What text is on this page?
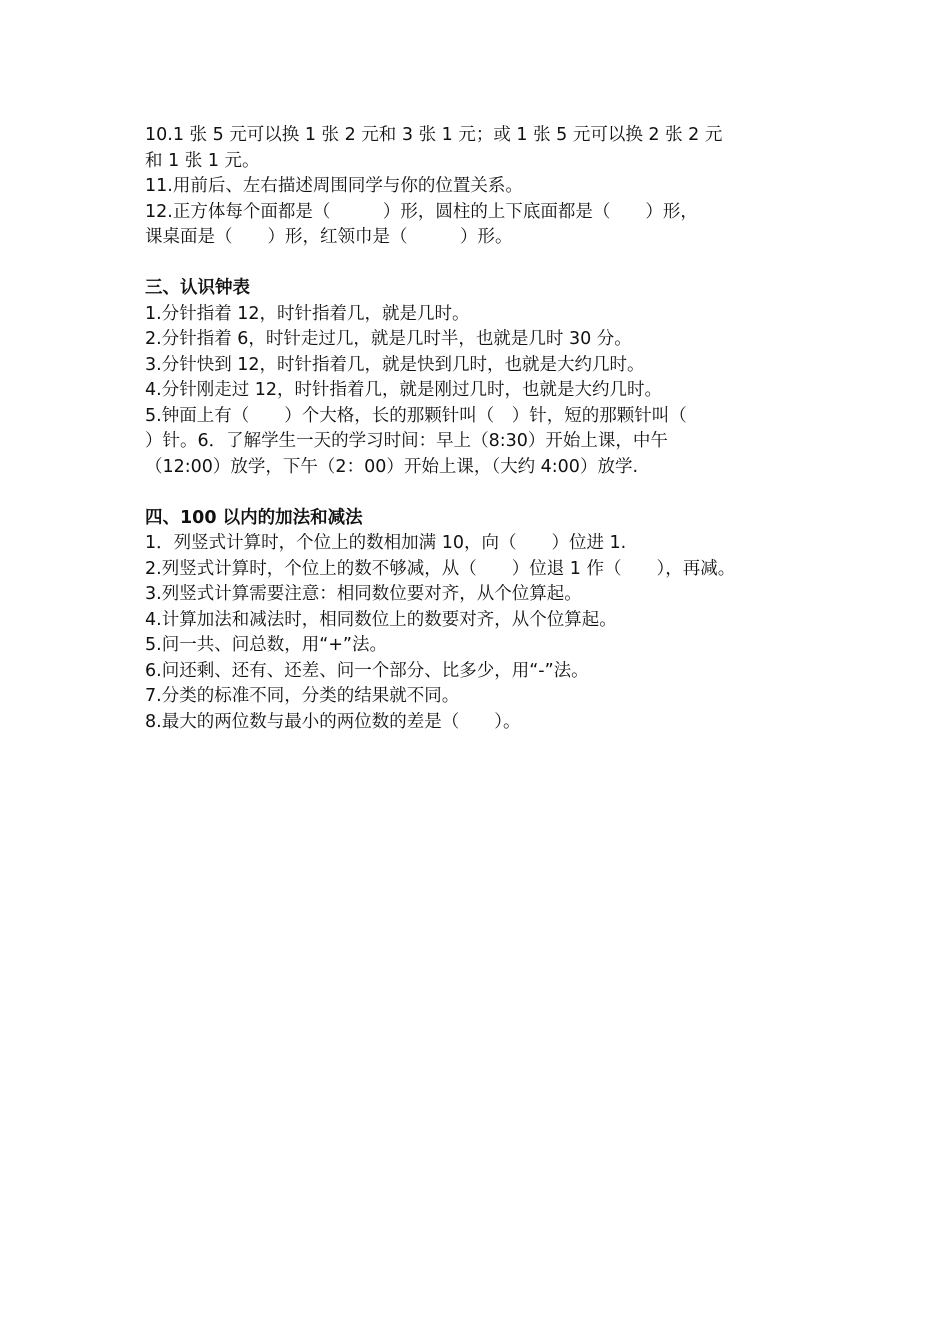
10.1 张 5 元可以换 1 张 2 元和 3 张 1 元；或 1 张 5 元可以换 2 张 2 元
和 1 张 1 元。
11.用前后、左右描述周围同学与你的位置关系。
12.正方体每个面都是（　　　）形，圆柱的上下底面都是（　　）形，
课桌面是（　　）形，红领巾是（　　　）形。
三、认识钟表
1.分针指着 12，时针指着几，就是几时。
2.分针指着 6，时针走过几，就是几时半，也就是几时 30 分。
3.分针快到 12，时针指着几，就是快到几时，也就是大约几时。
4.分针刚走过 12，时针指着几，就是刚过几时，也就是大约几时。
5.钟面上有（　　）个大格，长的那颗针叫（　）针，短的那颗针叫（
）针。6．了解学生一天的学习时间：早上（8:30）开始上课，中午
（12:00）放学，下午（2：00）开始上课，（大约 4:00）放学.
四、100 以内的加法和减法
1．列竖式计算时，个位上的数相加满 10，向（　　）位进 1.
2.列竖式计算时，个位上的数不够减，从（　　）位退 1 作（　　），再减。
3.列竖式计算需要注意：相同数位要对齐，从个位算起。
4.计算加法和减法时，相同数位上的数要对齐，从个位算起。
5.问一共、问总数，用“+”法。
6.问还剩、还有、还差、问一个部分、比多少，用“-”法。
7.分类的标准不同，分类的结果就不同。
8.最大的两位数与最小的两位数的差是（　　）。
